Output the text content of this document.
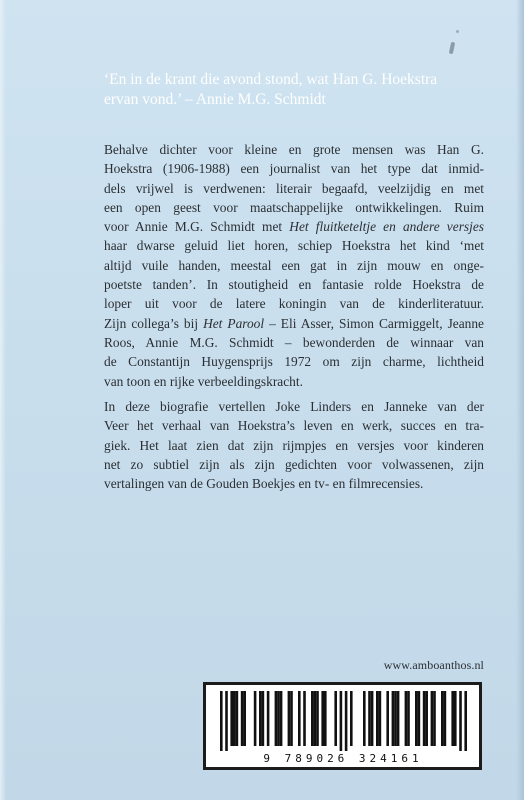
‘En in de krant die avond stond, wat Han G. Hoekstra
ervan vond.’ – Annie M.G. Schmidt
Behalve dichter voor kleine en grote mensen was Han G.
Hoekstra (1906-1988) een journalist van het type dat inmid-
dels vrijwel is verdwenen: literair begaafd, veelzijdig en met
een open geest voor maatschappelijke ontwikkelingen. Ruim
voor Annie M.G. Schmidt met Het fluitketeltje en andere versjes
haar dwarse geluid liet horen, schiep Hoekstra het kind ‘met
altijd vuile handen, meestal een gat in zijn mouw en onge-
poetste tanden’. In stoutigheid en fantasie rolde Hoekstra de
loper uit voor de latere koningin van de kinderliteratuur.
Zijn collega’s bij Het Parool – Eli Asser, Simon Carmiggelt, Jeanne
Roos, Annie M.G. Schmidt – bewonderden de winnaar van
de Constantijn Huygensprijs 1972 om zijn charme, lichtheid
van toon en rijke verbeeldingskracht.
In deze biografie vertellen Joke Linders en Janneke van der
Veer het verhaal van Hoekstra’s leven en werk, succes en tra-
giek. Het laat zien dat zijn rijmpjes en versjes voor kinderen
net zo subtiel zijn als zijn gedichten voor volwassenen, zijn
vertalingen van de Gouden Boekjes en tv- en filmrecensies.
www.amboanthos.nl
9 789026 324161
